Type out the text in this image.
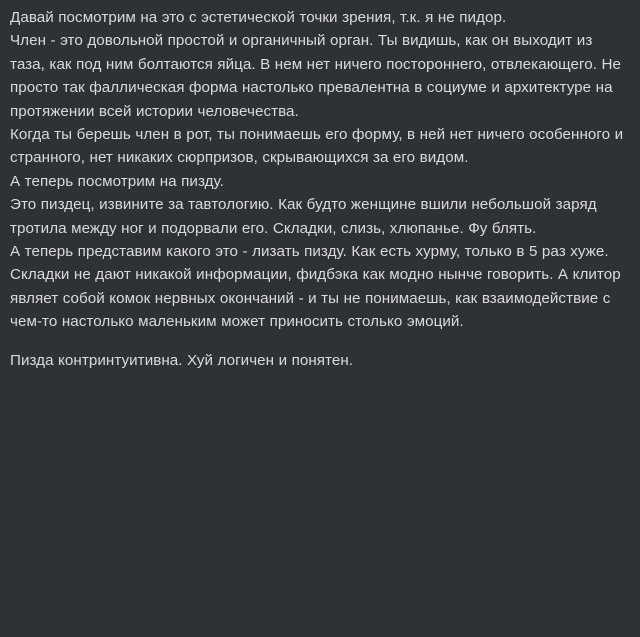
Давай посмотрим на это с эстетической точки зрения, т.к. я не пидор.

Член - это довольной простой и органичный орган. Ты видишь, как он выходит из таза, как под ним болтаются яйца. В нем нет ничего постороннего, отвлекающего. Не просто так фаллическая форма настолько превалентна в социуме и архитектуре на протяжении всей истории человечества.

Когда ты берешь член в рот, ты понимаешь его форму, в ней нет ничего особенного и странного, нет никаких сюрпризов, скрывающихся за его видом.

А теперь посмотрим на пизду.

Это пиздец, извините за тавтологию. Как будто женщине вшили небольшой заряд тротила между ног и подорвали его. Складки, слизь, хлюпанье. Фу блять.

А теперь представим какого это - лизать пизду. Как есть хурму, только в 5 раз хуже. Складки не дают никакой информации, фидбэка как модно нынче говорить. А клитор являет собой комок нервных окончаний - и ты не понимаешь, как взаимодействие с чем-то настолько маленьким может приносить столько эмоций.

Пизда контринтуитивна. Хуй логичен и понятен.
